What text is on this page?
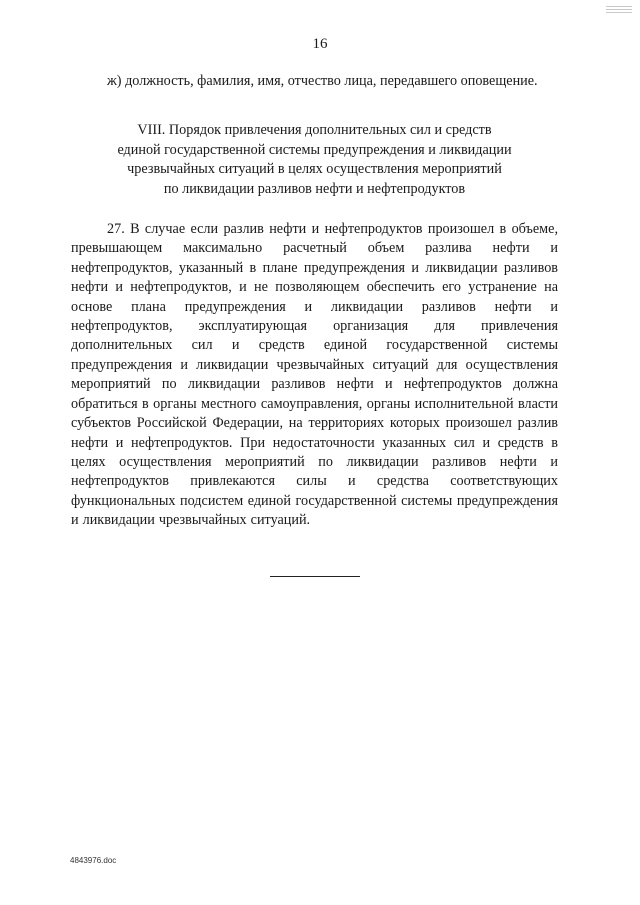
16

ж) должность, фамилия, имя, отчество лица, передавшего оповещение.

VIII. Порядок привлечения дополнительных сил и средств
единой государственной системы предупреждения и ликвидации
чрезвычайных ситуаций в целях осуществления мероприятий
по ликвидации разливов нефти и нефтепродуктов

27. В случае если разлив нефти и нефтепродуктов произошел в объеме, превышающем максимально расчетный объем разлива нефти и нефтепродуктов, указанный в плане предупреждения и ликвидации разливов нефти и нефтепродуктов, и не позволяющем обеспечить его устранение на основе плана предупреждения и ликвидации разливов нефти и нефтепродуктов, эксплуатирующая организация для привлечения дополнительных сил и средств единой государственной системы предупреждения и ликвидации чрезвычайных ситуаций для осуществления мероприятий по ликвидации разливов нефти и нефтепродуктов должна обратиться в органы местного самоуправления, органы исполнительной власти субъектов Российской Федерации, на территориях которых произошел разлив нефти и нефтепродуктов. При недостаточности указанных сил и средств в целях осуществления мероприятий по ликвидации разливов нефти и нефтепродуктов привлекаются силы и средства соответствующих функциональных подсистем единой государственной системы предупреждения и ликвидации чрезвычайных ситуаций.

4843976.doc
